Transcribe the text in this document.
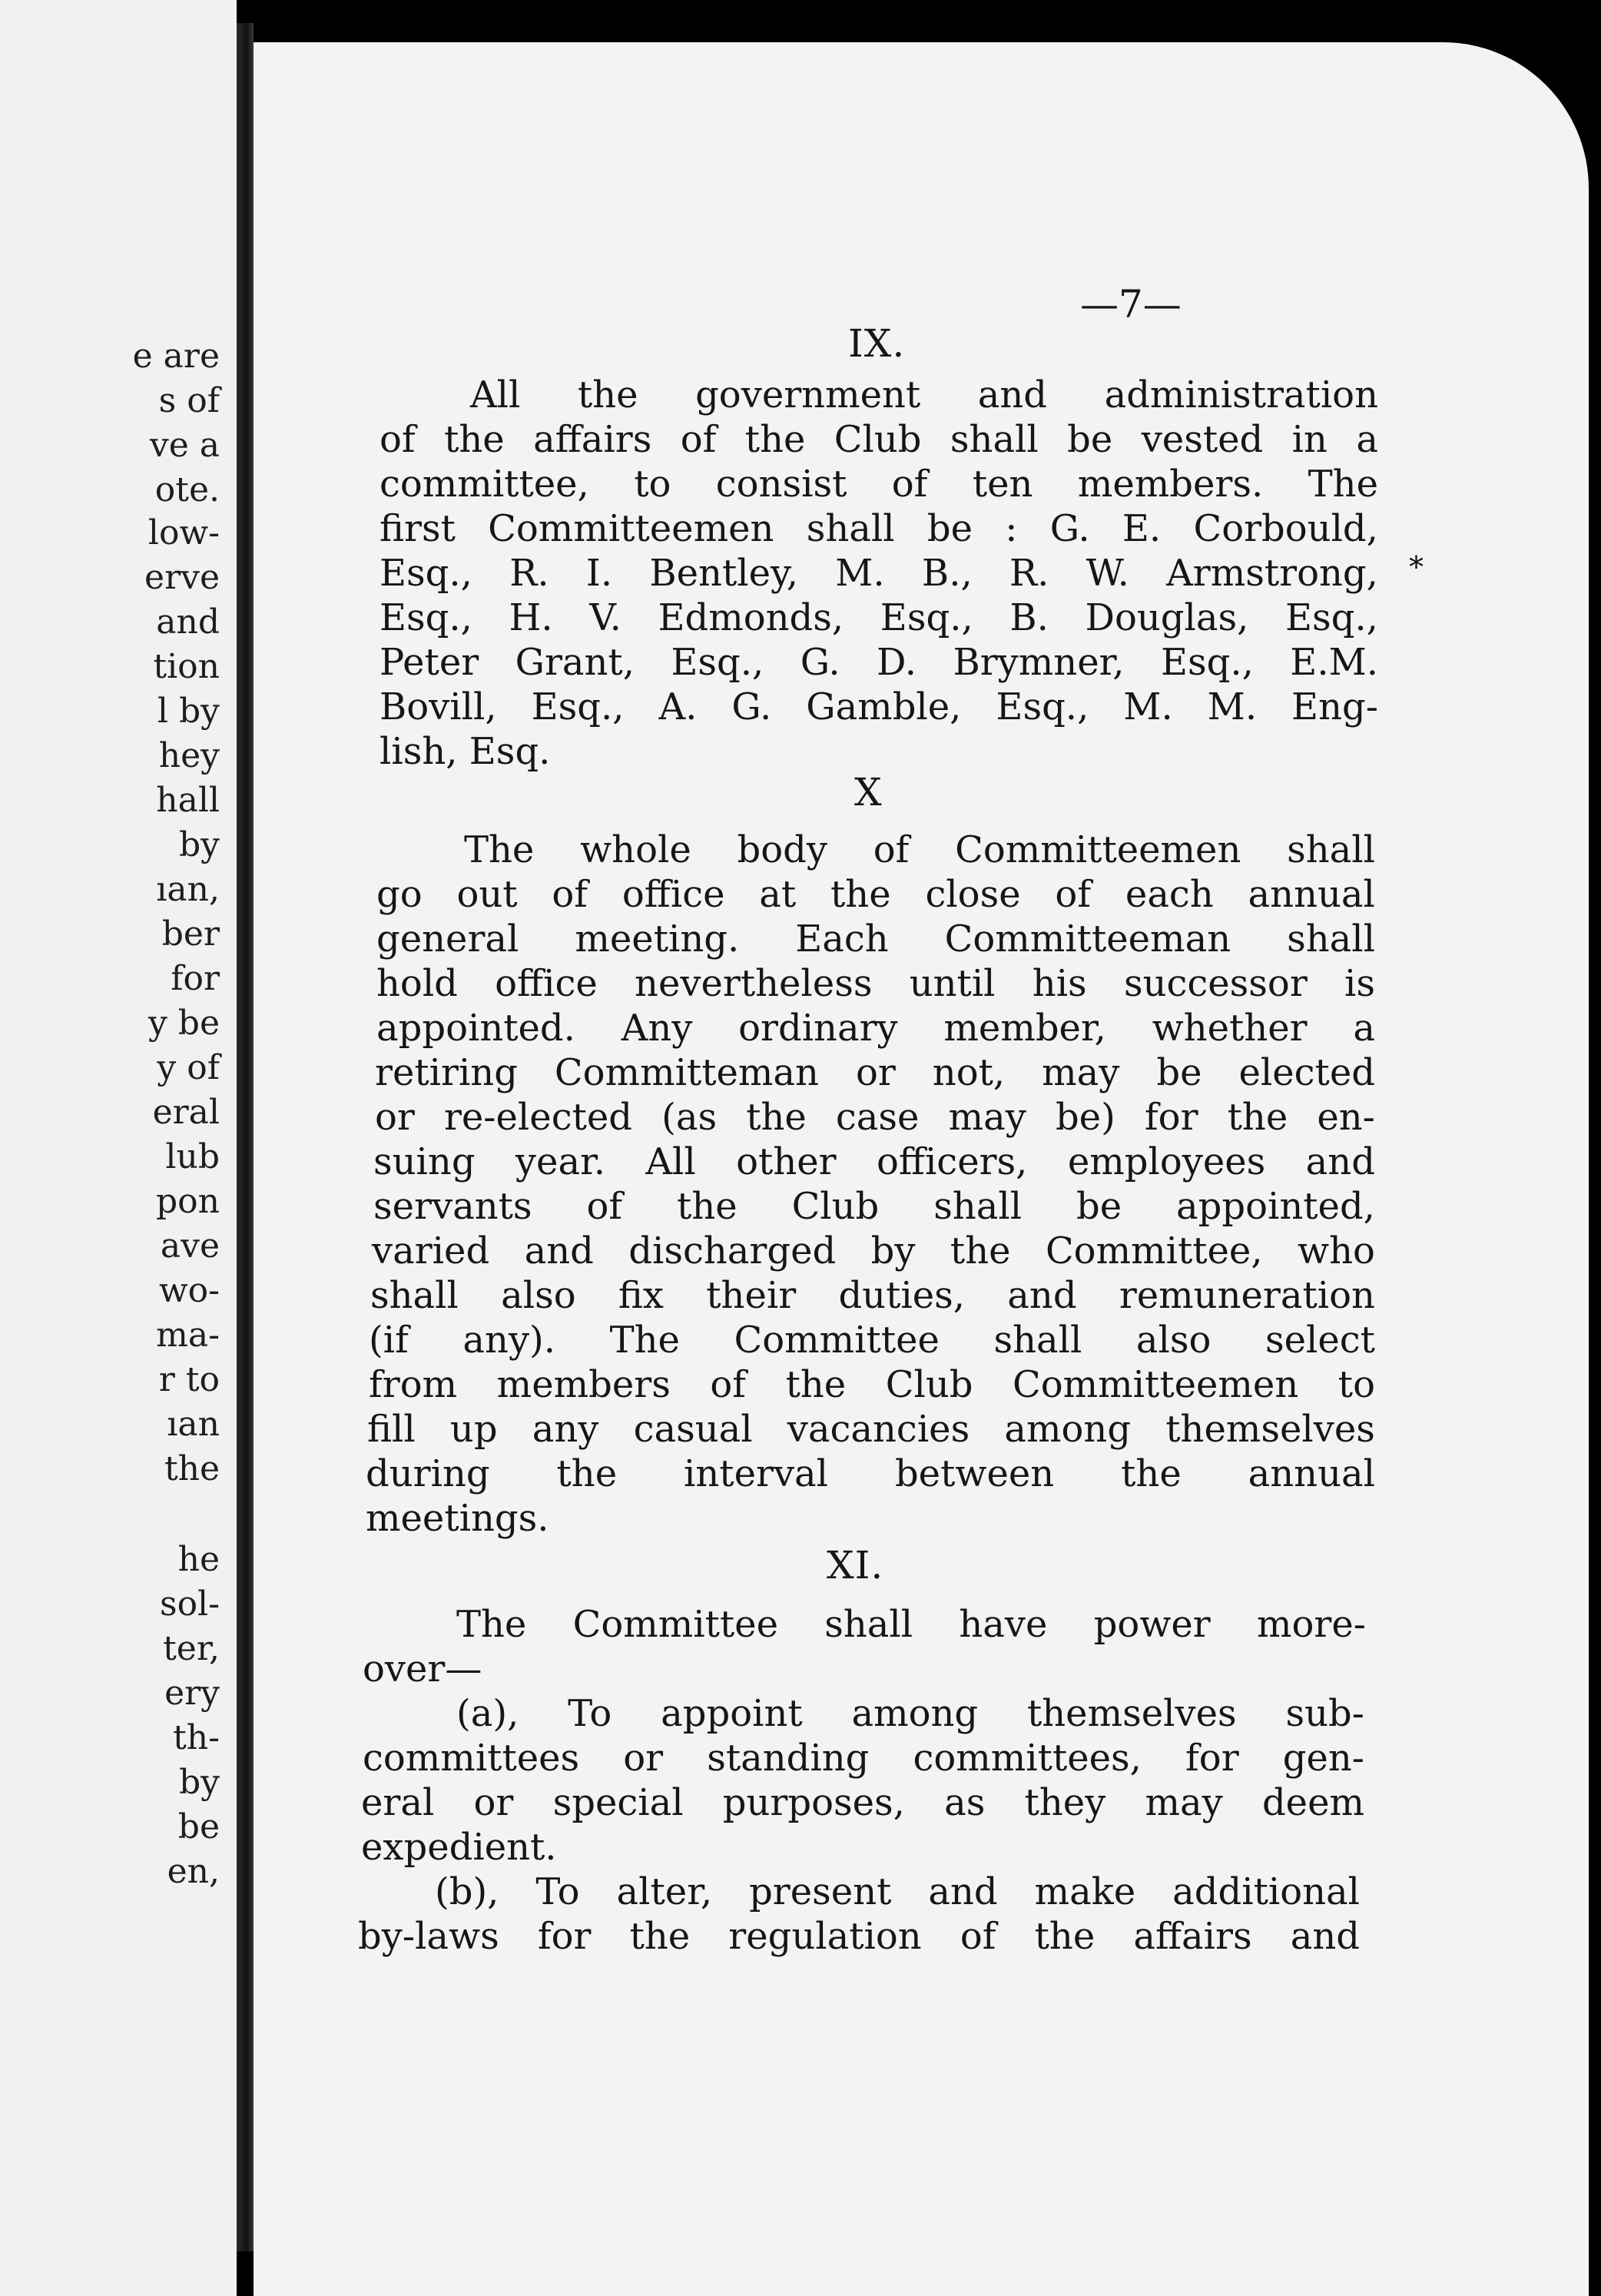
e are
s of
ve a
ote.
low-
erve
and
tion
l by
hey
hall
by
ıan,
ber
for
y be
y of
eral
lub
pon
ave
wo-
ma-
r to
ıan
the
he
sol-
ter,
ery
th-
by
be
en,
—7—
IX.
All the government and administration
of the affairs of the Club shall be vested in a
committee, to consist of ten members. The
first Committeemen shall be : G. E. Corbould,
Esq., R. I. Bentley, M. B., R. W. Armstrong,
Esq., H. V. Edmonds, Esq., B. Douglas, Esq.,
Peter Grant, Esq., G. D. Brymner, Esq., E.M.
Bovill, Esq., A. G. Gamble, Esq., M. M. Eng-
lish, Esq.
X
The whole body of Committeemen shall
go out of office at the close of each annual
general meeting. Each Committeeman shall
hold office nevertheless until his successor is
appointed. Any ordinary member, whether a
retiring Committeman or not, may be elected
or re-elected (as the case may be) for the en-
suing year. All other officers, employees and
servants of the Club shall be appointed,
varied and discharged by the Committee, who
shall also fix their duties, and remuneration
(if any). The Committee shall also select
from members of the Club Committeemen to
fill up any casual vacancies among themselves
during the interval between the annual
meetings.
XI.
The Committee shall have power more-
over—
(a), To appoint among themselves sub-
committees or standing committees, for gen-
eral or special purposes, as they may deem
expedient.
(b), To alter, present and make additional
by-laws for the regulation of the affairs and
*
